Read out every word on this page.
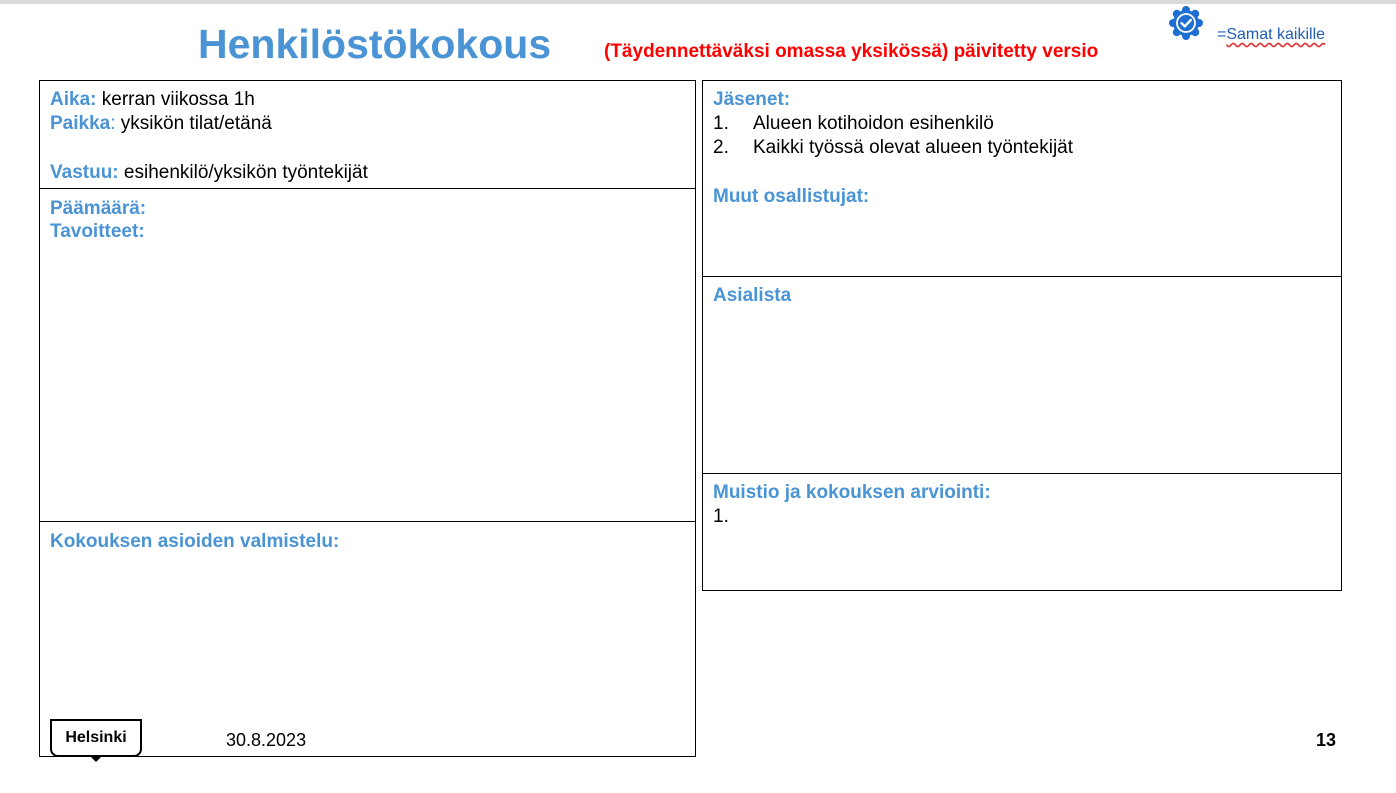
Henkilöstökokous	(Täydennettäväksi omassa yksikössä) päivitetty versio
=Samat kaikille
Aika: kerran viikossa 1h
Paikka: yksikön tilat/etänä
Vastuu: esihenkilö/yksikön työntekijät
Päämäärä:
Tavoitteet:
Kokouksen asioiden valmistelu:
Jäsenet:
1. Alueen kotihoidon esihenkilö
2. Kaikki työssä olevat alueen työntekijät
Muut osallistujat:
Asialista
Muistio ja kokouksen arviointi:
1.
Helsinki	30.8.2023	13
